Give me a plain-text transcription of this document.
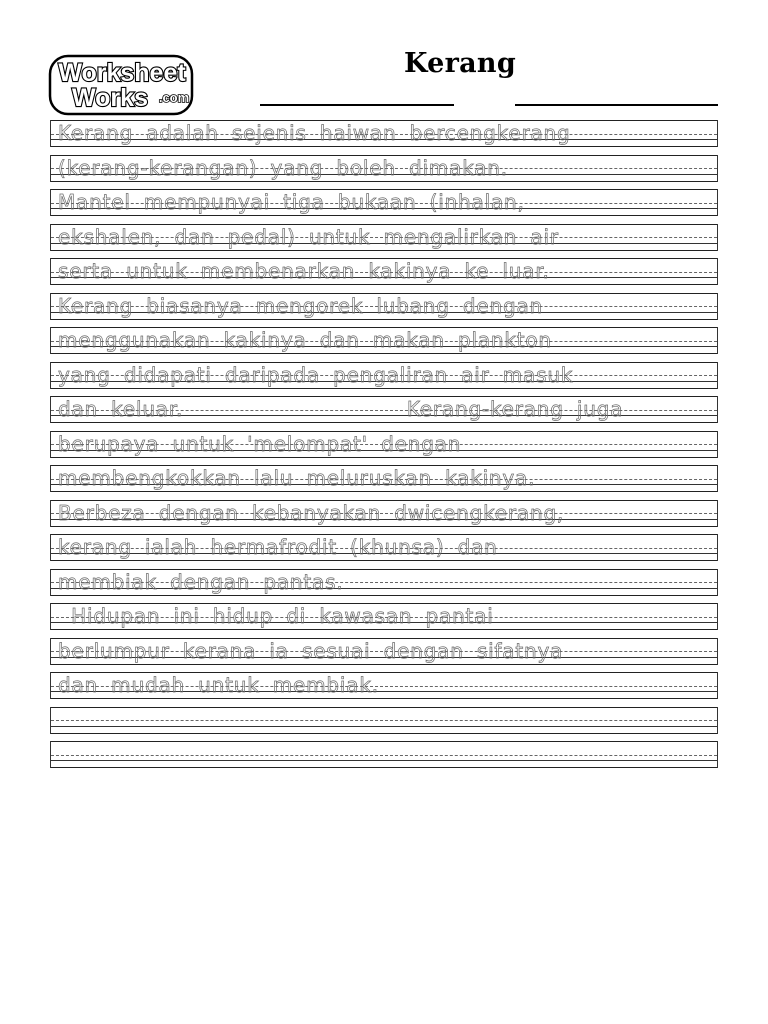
Worksheet
Works .com
Kerang
Kerang adalah sejenis haiwan bercengkerang
(kerang-kerangan) yang boleh dimakan.
Mantel mempunyai tiga bukaan (inhalan,
ekshalen, dan pedal) untuk mengalirkan air
serta untuk membenarkan kakinya ke luar.
Kerang biasanya mengorek lubang dengan
menggunakan kakinya dan makan plankton
yang didapati daripada pengaliran air masuk
dan keluar.                 Kerang-kerang juga
berupaya untuk 'melompat' dengan
membengkokkan lalu meluruskan kakinya.
Berbeza dengan kebanyakan dwicengkerang,
kerang ialah hermafrodit (khunsa) dan
membiak dengan pantas.
Hidupan ini hidup di kawasan pantai
berlumpur kerana ia sesuai dengan sifatnya
dan mudah untuk membiak.
